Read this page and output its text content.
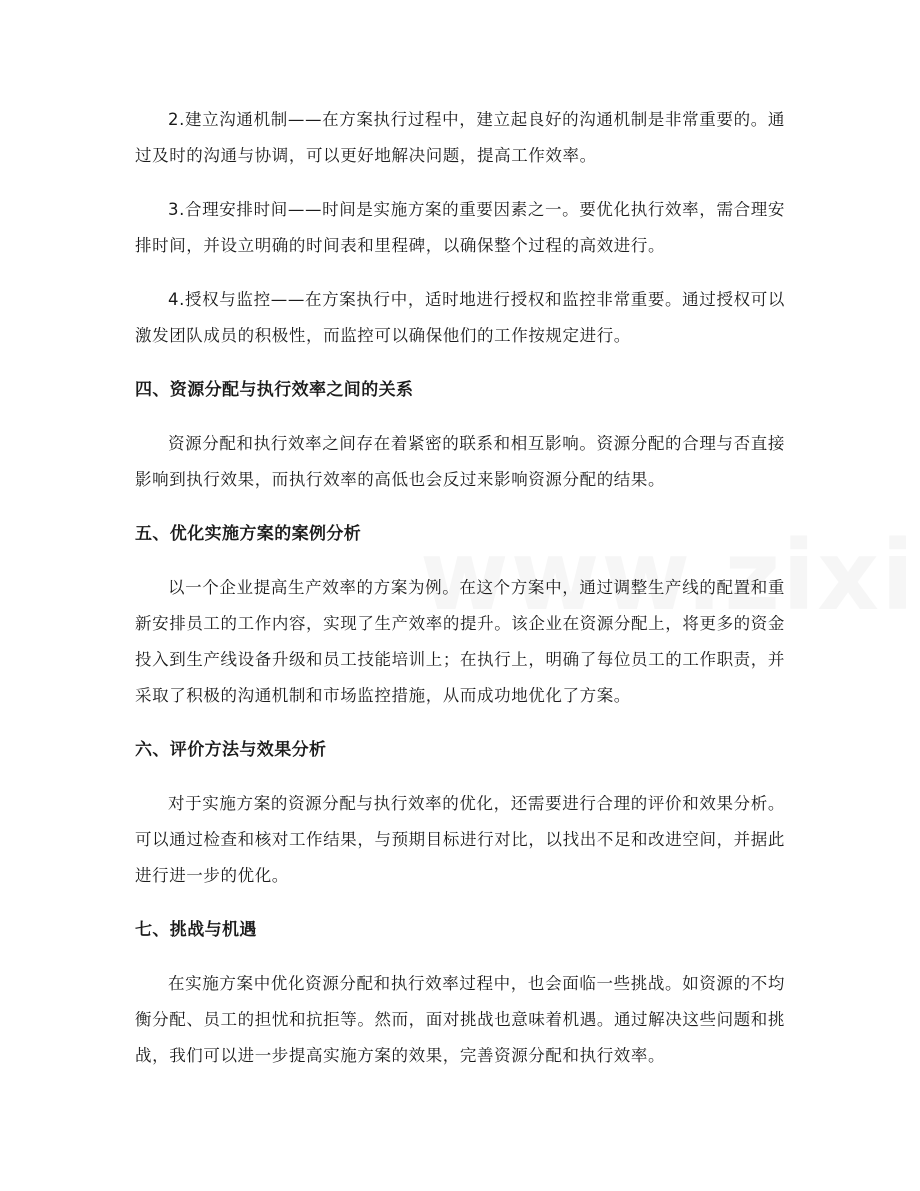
2.建立沟通机制——在方案执行过程中，建立起良好的沟通机制是非常重要的。通过及时的沟通与协调，可以更好地解决问题，提高工作效率。

3.合理安排时间——时间是实施方案的重要因素之一。要优化执行效率，需合理安排时间，并设立明确的时间表和里程碑，以确保整个过程的高效进行。

4.授权与监控——在方案执行中，适时地进行授权和监控非常重要。通过授权可以激发团队成员的积极性，而监控可以确保他们的工作按规定进行。

四、资源分配与执行效率之间的关系

资源分配和执行效率之间存在着紧密的联系和相互影响。资源分配的合理与否直接影响到执行效果，而执行效率的高低也会反过来影响资源分配的结果。

五、优化实施方案的案例分析

以一个企业提高生产效率的方案为例。在这个方案中，通过调整生产线的配置和重新安排员工的工作内容，实现了生产效率的提升。该企业在资源分配上，将更多的资金投入到生产线设备升级和员工技能培训上；在执行上，明确了每位员工的工作职责，并采取了积极的沟通机制和市场监控措施，从而成功地优化了方案。

六、评价方法与效果分析

对于实施方案的资源分配与执行效率的优化，还需要进行合理的评价和效果分析。可以通过检查和核对工作结果，与预期目标进行对比，以找出不足和改进空间，并据此进行进一步的优化。

七、挑战与机遇

在实施方案中优化资源分配和执行效率过程中，也会面临一些挑战。如资源的不均衡分配、员工的担忧和抗拒等。然而，面对挑战也意味着机遇。通过解决这些问题和挑战，我们可以进一步提高实施方案的效果，完善资源分配和执行效率。
